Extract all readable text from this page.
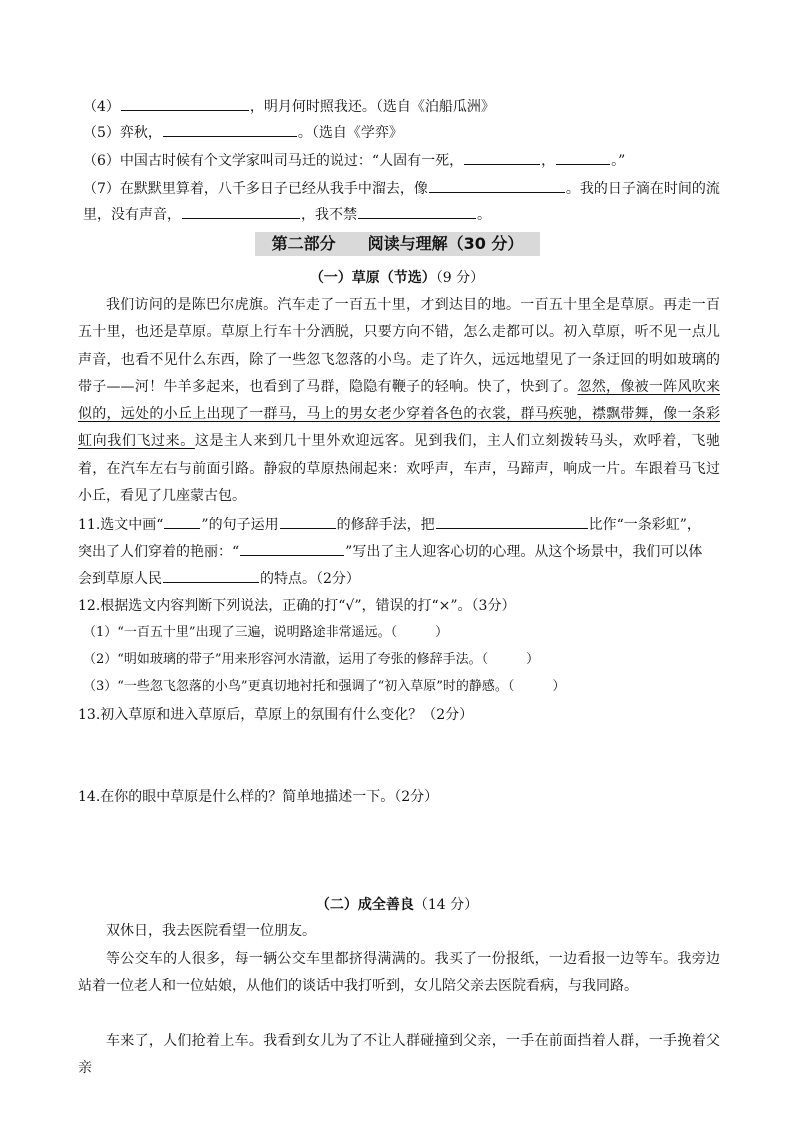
（4）	，明月何时照我还。（选自《泊船瓜洲》
（5）弈秋，	。（选自《学弈》
（6）中国古时候有个文学家叫司马迁的说过：“人固有一死，	，	。”
（7）在默默里算着，八千多日子已经从我手中溜去，像	。我的日子滴在时间的流
里，没有声音，	，我不禁	。
第二部分 阅读与理解（30 分）
（一）草原（节选）（9 分）
我们访问的是陈巴尔虎旗。汽车走了一百五十里，才到达目的地。一百五十里全是草原。再走一百五十里，也还是草原。草原上行车十分洒脱，只要方向不错，怎么走都可以。初入草原，听不见一点儿声音，也看不见什么东西，除了一些忽飞忽落的小鸟。走了许久，远远地望见了一条迂回的明如玻璃的带子——河！牛羊多起来，也看到了马群，隐隐有鞭子的轻响。快了，快到了。忽然，像被一阵风吹来似的，远处的小丘上出现了一群马，马上的男女老少穿着各色的衣裳，群马疾驰，襟飘带舞，像一条彩虹向我们飞过来。这是主人来到几十里外欢迎远客。见到我们，主人们立刻拨转马头，欢呼着，飞驰着，在汽车左右与前面引路。静寂的草原热闹起来：欢呼声，车声，马蹄声，响成一片。车跟着马飞过小丘，看见了几座蒙古包。
11.选文中画“	”的句子运用	的修辞手法，把	比作“一条彩虹”，
突出了人们穿着的艳丽：“	”写出了主人迎客心切的心理。从这个场景中，我们可以体
会到草原人民	的特点。（2分）
12.根据选文内容判断下列说法，正确的打“√”，错误的打“×”。（3分）
（1）“一百五十里”出现了三遍，说明路途非常遥远。（	）
（2）“明如玻璃的带子”用来形容河水清澈，运用了夸张的修辞手法。（	）
（3）“一些忽飞忽落的小鸟”更真切地衬托和强调了“初入草原”时的静感。（	）
13.初入草原和进入草原后，草原上的氛围有什么变化？（2分）
14.在你的眼中草原是什么样的？简单地描述一下。（2分）
（二）成全善良（14 分）
双休日，我去医院看望一位朋友。
等公交车的人很多，每一辆公交车里都挤得满满的。我买了一份报纸，一边看报一边等车。我旁边站着一位老人和一位姑娘，从他们的谈话中我打听到，女儿陪父亲去医院看病，与我同路。
车来了，人们抢着上车。我看到女儿为了不让人群碰撞到父亲，一手在前面挡着人群，一手挽着父亲
